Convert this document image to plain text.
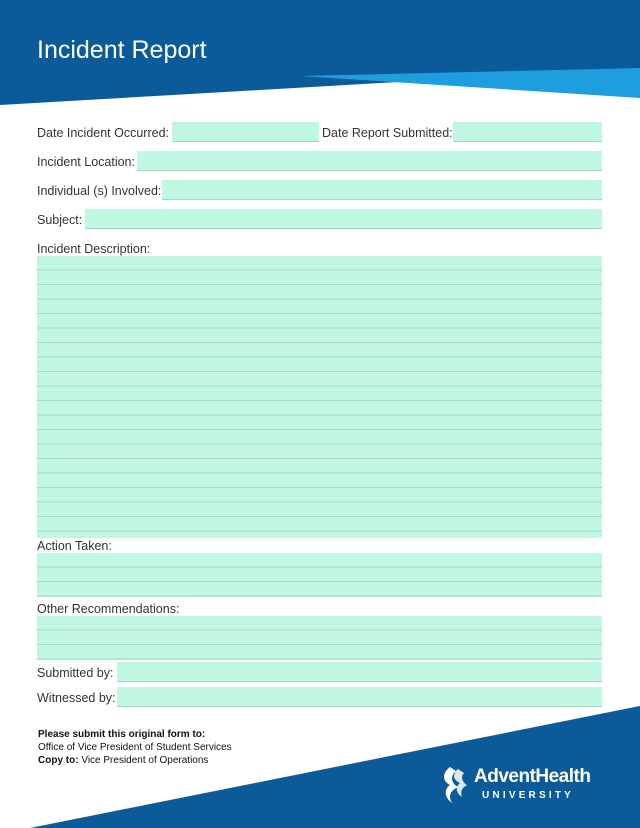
Incident Report
Date Incident Occurred:	Date Report Submitted:
Incident Location:
Individual (s) Involved:
Subject:
Incident Description:
Action Taken:
Other Recommendations:
Submitted by:
Witnessed by:
Please submit this original form to:
Office of Vice President of Student Services
Copy to: Vice President of Operations
AdventHealth
UNIVERSITY
